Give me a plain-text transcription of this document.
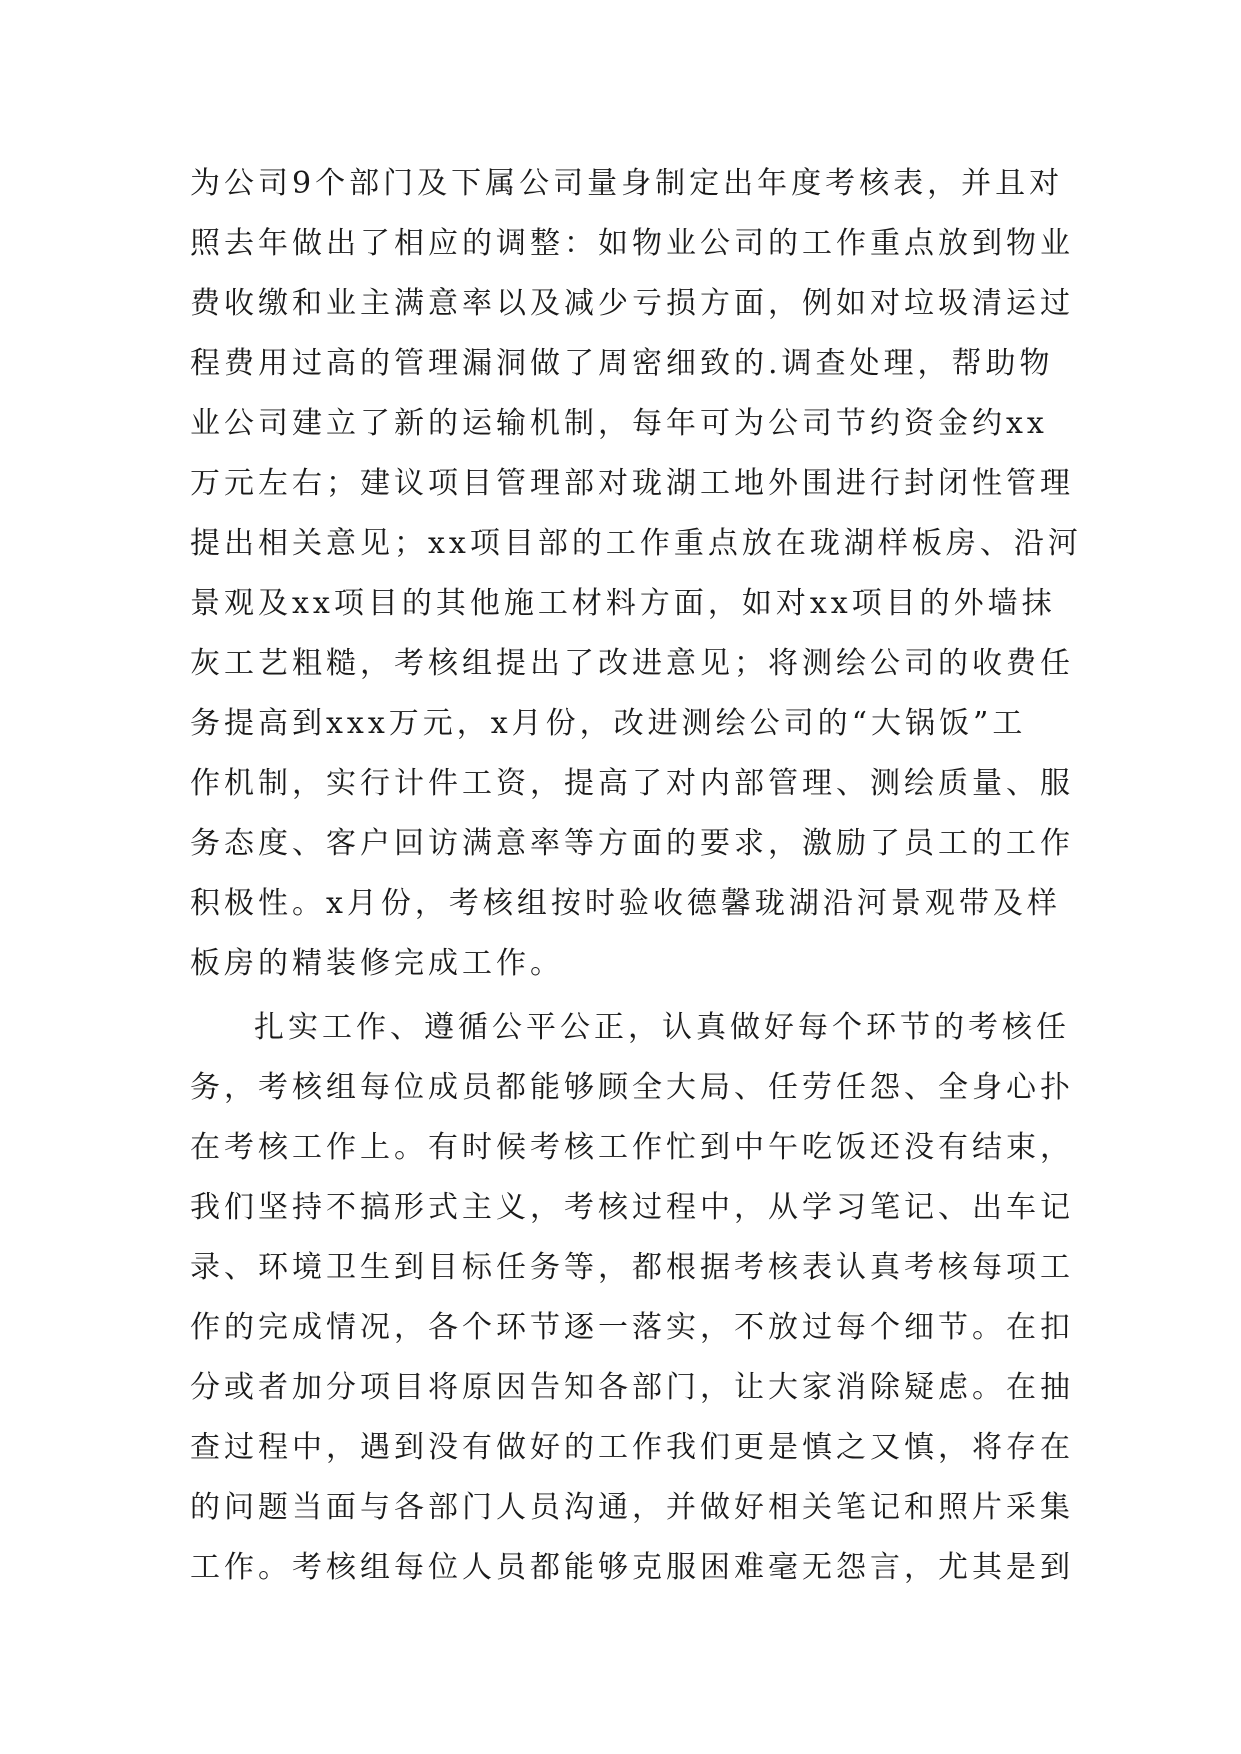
为公司9个部门及下属公司量身制定出年度考核表，并且对
照去年做出了相应的调整：如物业公司的工作重点放到物业
费收缴和业主满意率以及减少亏损方面，例如对垃圾清运过
程费用过高的管理漏洞做了周密细致的.调查处理，帮助物
业公司建立了新的运输机制，每年可为公司节约资金约xx
万元左右；建议项目管理部对珑湖工地外围进行封闭性管理
提出相关意见；xx项目部的工作重点放在珑湖样板房、沿河
景观及xx项目的其他施工材料方面，如对xx项目的外墙抹
灰工艺粗糙，考核组提出了改进意见；将测绘公司的收费任
务提高到xxx万元，x月份，改进测绘公司的“大锅饭”工
作机制，实行计件工资，提高了对内部管理、测绘质量、服
务态度、客户回访满意率等方面的要求，激励了员工的工作
积极性。x月份，考核组按时验收德馨珑湖沿河景观带及样
板房的精装修完成工作。
扎实工作、遵循公平公正，认真做好每个环节的考核任
务，考核组每位成员都能够顾全大局、任劳任怨、全身心扑
在考核工作上。有时候考核工作忙到中午吃饭还没有结束，
我们坚持不搞形式主义，考核过程中，从学习笔记、出车记
录、环境卫生到目标任务等，都根据考核表认真考核每项工
作的完成情况，各个环节逐一落实，不放过每个细节。在扣
分或者加分项目将原因告知各部门，让大家消除疑虑。在抽
查过程中，遇到没有做好的工作我们更是慎之又慎，将存在
的问题当面与各部门人员沟通，并做好相关笔记和照片采集
工作。考核组每位人员都能够克服困难毫无怨言，尤其是到
